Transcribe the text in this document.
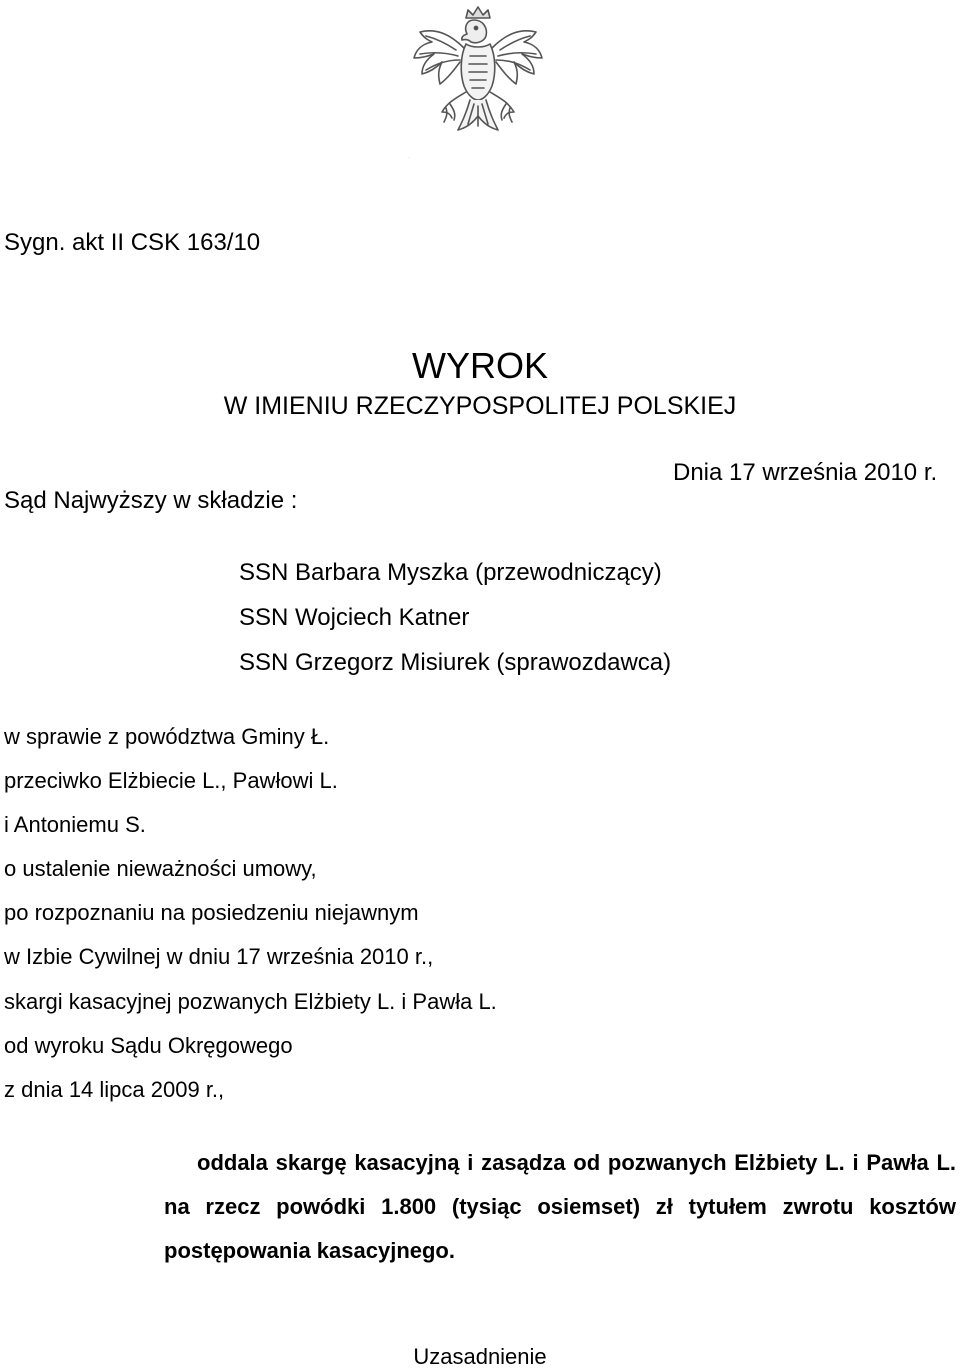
.
Sygn. akt II CSK 163/10
WYROK
W IMIENIU RZECZYPOSPOLITEJ POLSKIEJ
Dnia 17 września 2010 r.
Sąd Najwyższy w składzie :
SSN Barbara Myszka (przewodniczący)
SSN Wojciech Katner
SSN Grzegorz Misiurek (sprawozdawca)
w sprawie z powództwa Gminy Ł.
przeciwko Elżbiecie L., Pawłowi L.
i Antoniemu S.
o ustalenie nieważności umowy,
po rozpoznaniu na posiedzeniu niejawnym
w Izbie Cywilnej w dniu 17 września 2010 r.,
skargi kasacyjnej pozwanych Elżbiety L. i Pawła L.
od wyroku Sądu Okręgowego
z dnia 14 lipca 2009 r.,
oddala skargę kasacyjną i zasądza od pozwanych Elżbiety L. i Pawła L. na rzecz powódki 1.800 (tysiąc osiemset) zł tytułem zwrotu kosztów postępowania kasacyjnego.
Uzasadnienie
